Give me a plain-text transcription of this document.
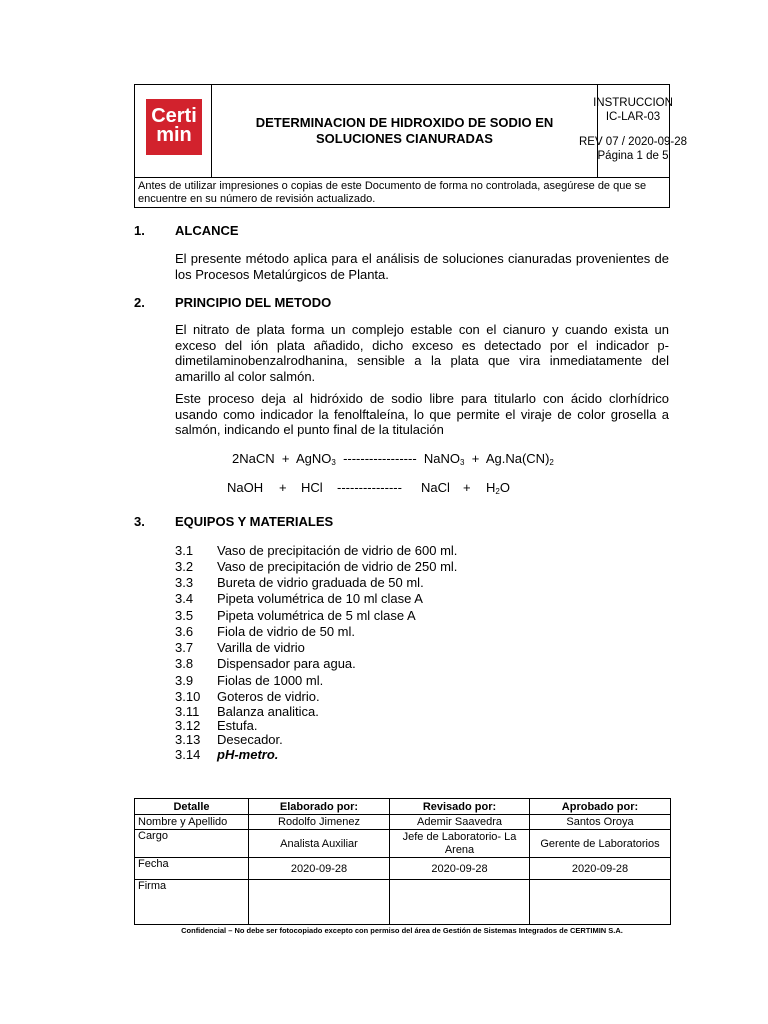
Certi
min
DETERMINACION DE HIDROXIDO DE SODIO EN
SOLUCIONES CIANURADAS
INSTRUCCION
IC-LAR-03
REV 07 / 2020-09-28
Página 1 de 5
Antes de utilizar impresiones o copias de este Documento de forma no controlada, asegúrese de que se encuentre en su número de revisión actualizado.
1. ALCANCE
El presente método aplica para el análisis de soluciones cianuradas provenientes de los Procesos Metalúrgicos de Planta.
2. PRINCIPIO DEL METODO
El nitrato de plata forma un complejo estable con el cianuro y cuando exista un exceso del ión plata añadido, dicho exceso es detectado por el indicador p-dimetilaminobenzalrodhanina, sensible a la plata que vira inmediatamente del amarillo al color salmón.
Este proceso deja al hidróxido de sodio libre para titularlo con ácido clorhídrico usando como indicador la fenolftaleína, lo que permite el viraje de color grosella a salmón, indicando el punto final de la titulación
2NaCN + AgNO$_3$ ----------------- NaNO$_3$ + $Ag.Na(CN)_2$
NaOH + HCl --------------- NaCl + $H_2O$
3. EQUIPOS Y MATERIALES
3.1 Vaso de precipitación de vidrio de 600 ml.
3.2 Vaso de precipitación de vidrio de 250 ml.
3.3 Bureta de vidrio graduada de 50 ml.
3.4 Pipeta volumétrica de 10 ml clase A
3.5 Pipeta volumétrica de 5 ml clase A
3.6 Fiola de vidrio de 50 ml.
3.7 Varilla de vidrio
3.8 Dispensador para agua.
3.9 Fiolas de 1000 ml.
3.10 Goteros de vidrio.
3.11 Balanza analitica.
3.12 Estufa.
3.13 Desecador.
3.14 pH-metro.
Detalle	Elaborado por:	Revisado por:	Aprobado por:
Nombre y Apellido	Rodolfo Jimenez	Ademir Saavedra	Santos Oroya
Cargo	Analista Auxiliar	Jefe de Laboratorio- La Arena	Gerente de Laboratorios
Fecha	2020-09-28	2020-09-28	2020-09-28
Firma			
Confidencial – No debe ser fotocopiado excepto con permiso del área de Gestión de Sistemas Integrados de CERTIMIN S.A.
